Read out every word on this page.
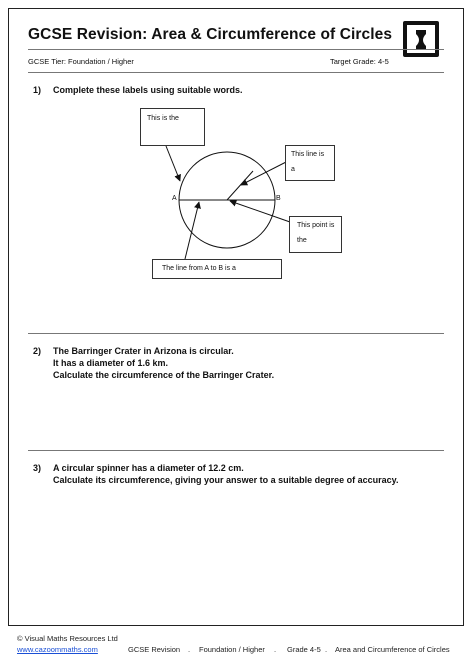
GCSE Revision: Area & Circumference of Circles
GCSE Tier: Foundation / Higher	Target Grade: 4-5
1) Complete these labels using suitable words.
A	B
This is the
This line is
a
This point is
the
The line from A to B is a
2) The Barringer Crater in Arizona is circular.
It has a diameter of 1.6 km.
Calculate the circumference of the Barringer Crater.
3) A circular spinner has a diameter of 12.2 cm.
Calculate its circumference, giving your answer to a suitable degree of accuracy.
© Visual Maths Resources Ltd
www.cazoommaths.com	GCSE Revision . Foundation / Higher . Grade 4-5 . Area and Circumference of Circles
